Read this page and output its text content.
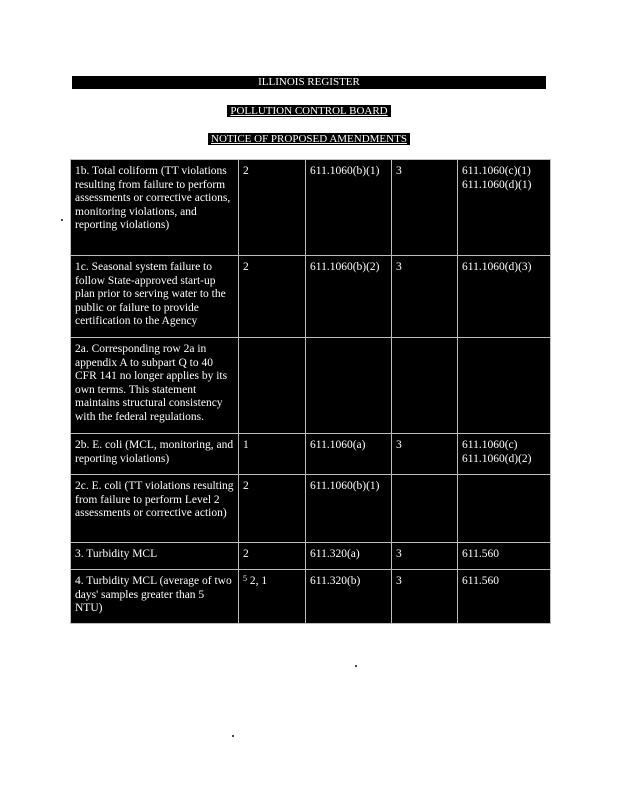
ILLINOIS REGISTER
POLLUTION CONTROL BOARD
NOTICE OF PROPOSED AMENDMENTS
1b. Total coliform (TT violations resulting from failure to perform assessments or corrective actions, monitoring violations, and reporting violations)	2	611.1060(b)(1)	3	611.1060(c)(1) 611.1060(d)(1)
1c. Seasonal system failure to follow State-approved start-up plan prior to serving water to the public or failure to provide certification to the Agency	2	611.1060(b)(2)	3	611.1060(d)(3)
2a. Corresponding row 2a in appendix A to subpart Q to 40 CFR 141 no longer applies by its own terms. This statement maintains structural consistency with the federal regulations.				
2b. E. coli (MCL, monitoring, and reporting violations)	1	611.1060(a)	3	611.1060(c) 611.1060(d)(2)
2c. E. coli (TT violations resulting from failure to perform Level 2 assessments or corrective action)	2	611.1060(b)(1)		
3. Turbidity MCL	2	611.320(a)	3	611.560
4. Turbidity MCL (average of two days' samples greater than 5 NTU)	$^5$ 2, 1	611.320(b)	3	611.560
